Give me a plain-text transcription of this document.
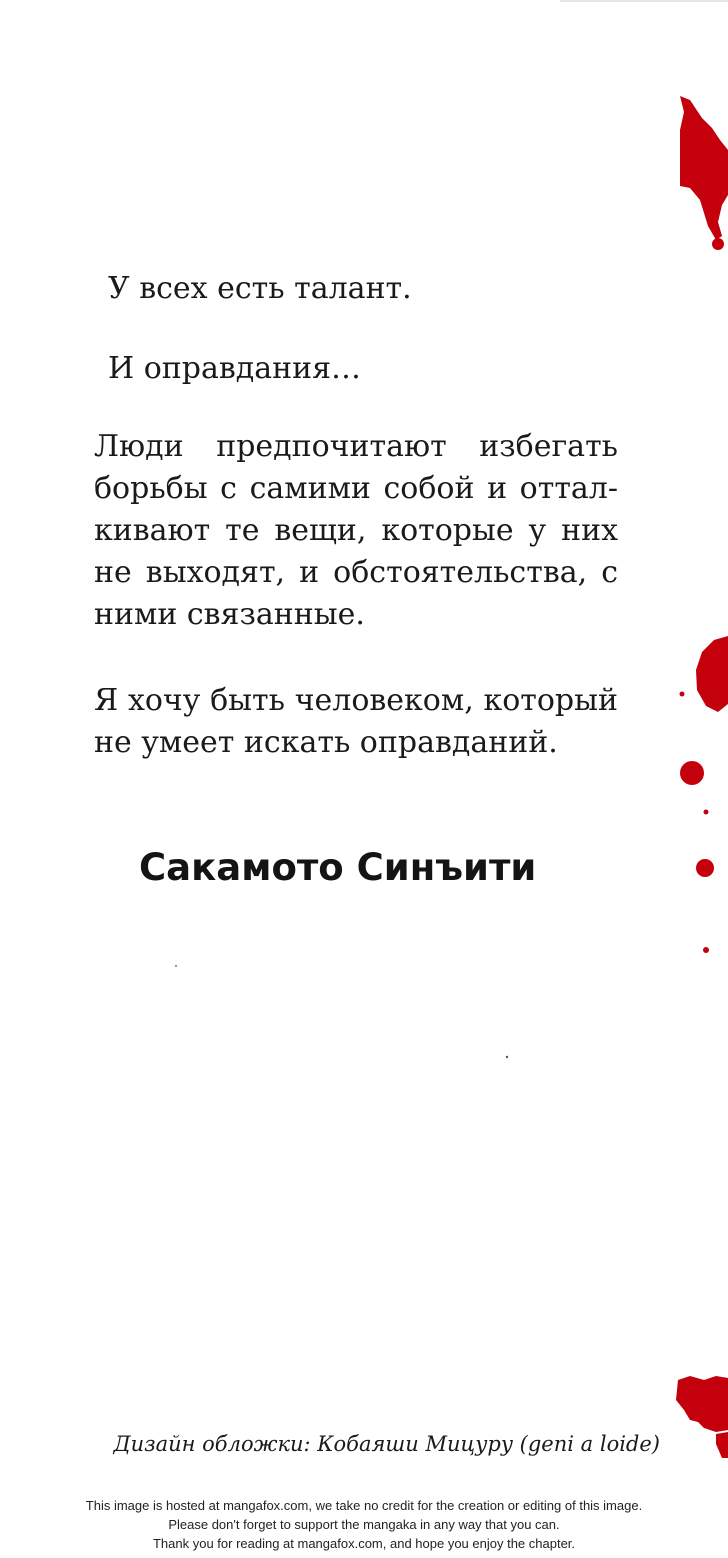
У всех есть талант.
И оправдания…
Люди предпочитают избегать
борьбы с самими собой и оттал-
кивают те вещи, которые у них
не выходят, и обстоятельства, с
ними связанные.
Я хочу быть человеком, который
не умеет искать оправданий.
Сакамото Синъити
Дизайн обложки: Кобаяши Мицуру (geni a loide)
This image is hosted at mangafox.com, we take no credit for the creation or editing of this image.
Please don't forget to support the mangaka in any way that you can.
Thank you for reading at mangafox.com, and hope you enjoy the chapter.
